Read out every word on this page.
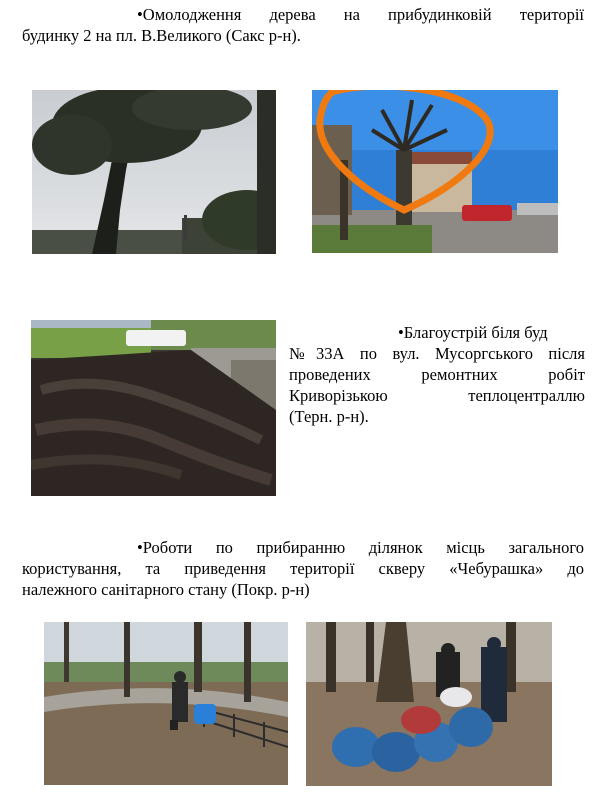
•Омолодження дерева на прибудинковій території
будинку 2 на пл. В.Великого (Сакс р-н).
•Благоустрій біля буд
№33А по вул. Мусоргського після
проведених ремонтних робіт
Криворізькою теплоцентраллю
(Терн. р-н).
•Роботи по прибиранню ділянок місць загального
користування, та приведення території скверу «Чебурашка» до
належного санітарного стану (Покр. р-н)
